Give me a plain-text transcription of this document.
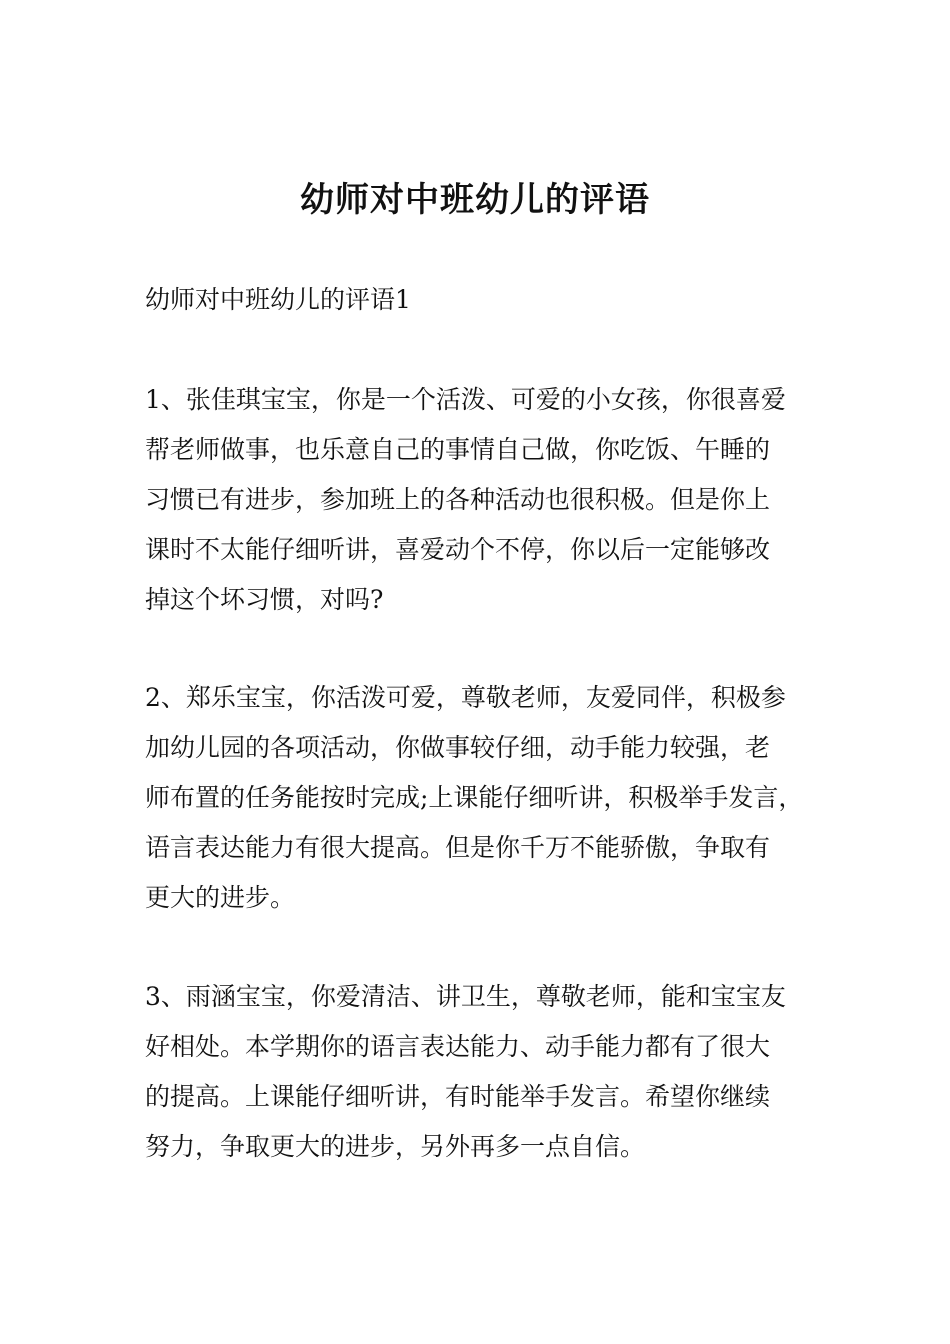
幼师对中班幼儿的评语
幼师对中班幼儿的评语1
1、张佳琪宝宝，你是一个活泼、可爱的小女孩，你很喜爱
帮老师做事，也乐意自己的事情自己做，你吃饭、午睡的
习惯已有进步，参加班上的各种活动也很积极。但是你上
课时不太能仔细听讲，喜爱动个不停，你以后一定能够改
掉这个坏习惯，对吗?
2、郑乐宝宝，你活泼可爱，尊敬老师，友爱同伴，积极参
加幼儿园的各项活动，你做事较仔细，动手能力较强，老
师布置的任务能按时完成;上课能仔细听讲，积极举手发言，
语言表达能力有很大提高。但是你千万不能骄傲，争取有
更大的进步。
3、雨涵宝宝，你爱清洁、讲卫生，尊敬老师，能和宝宝友
好相处。本学期你的语言表达能力、动手能力都有了很大
的提高。上课能仔细听讲，有时能举手发言。希望你继续
努力，争取更大的进步，另外再多一点自信。
